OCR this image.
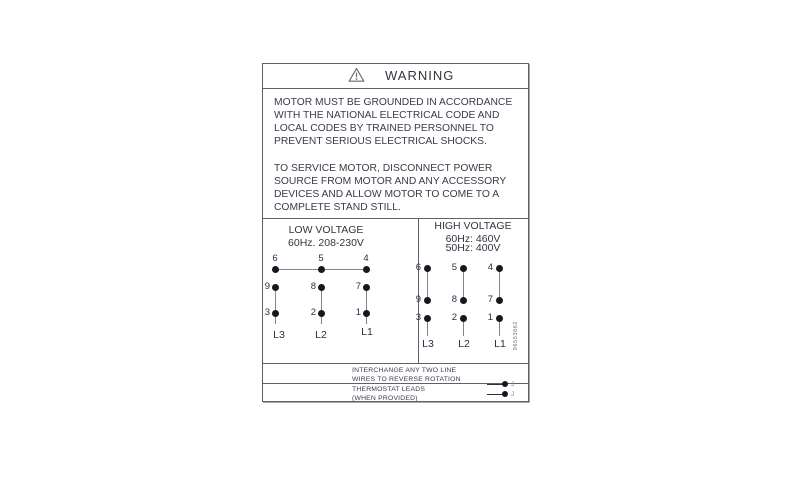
WARNING
MOTOR MUST BE GROUNDED IN ACCORDANCE
WITH THE NATIONAL ELECTRICAL CODE AND
LOCAL CODES BY TRAINED PERSONNEL TO
PREVENT SERIOUS ELECTRICAL SHOCKS.
TO SERVICE MOTOR, DISCONNECT POWER
SOURCE FROM MOTOR AND ANY ACCESSORY
DEVICES AND ALLOW MOTOR TO COME TO A
COMPLETE STAND STILL.
LOW VOLTAGE
60Hz. 208-230V
6	5	4
9	8	7
3	2	1
L3	L2	L1
HIGH VOLTAGE
60Hz: 460V
50Hz: 400V
6	5	4
9	8	7
3	2	1
L3	L2	L1	96553862
INTERCHANGE ANY TWO LINE
WIRES TO REVERSE ROTATION
THERMOSTAT LEADS
(WHEN PROVIDED)
J
J
